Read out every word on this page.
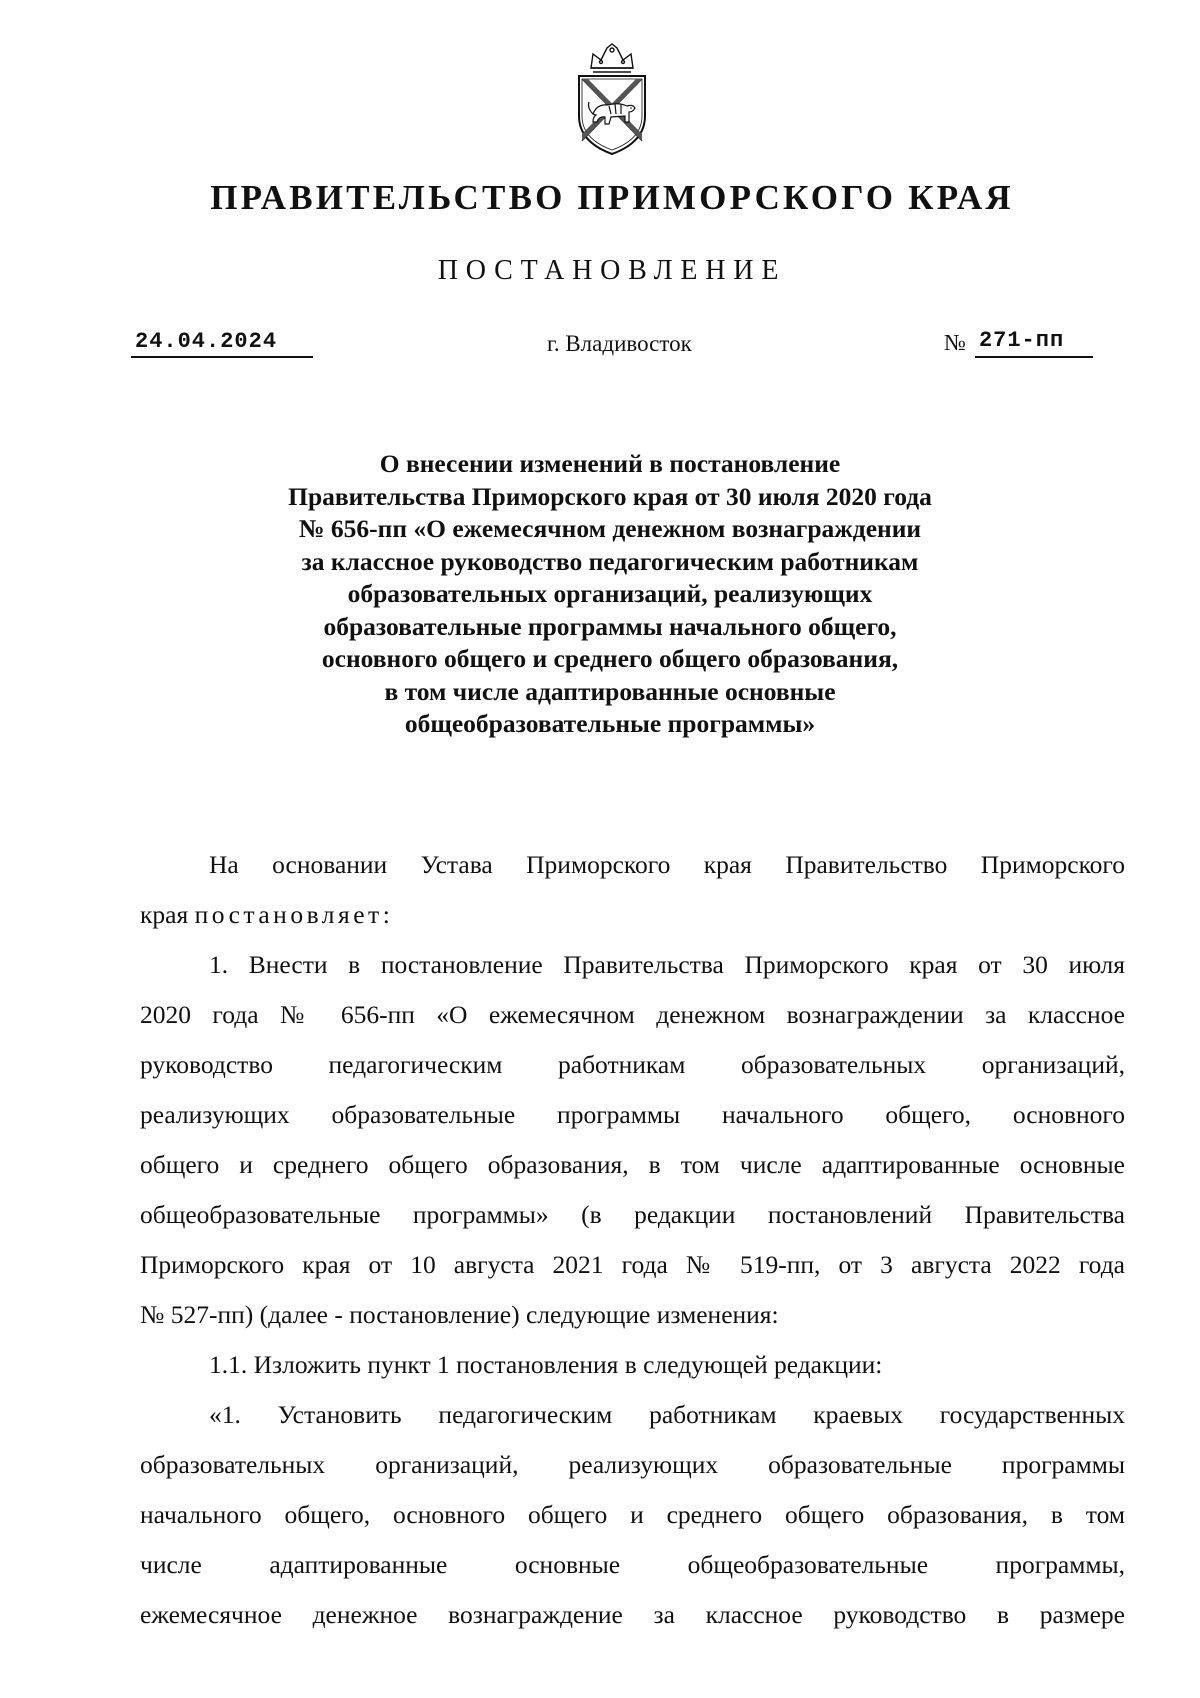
ПРАВИТЕЛЬСТВО ПРИМОРСКОГО КРАЯ
ПОСТАНОВЛЕНИЕ
24.04.2024	г. Владивосток	№ 271-пп
О внесении изменений в постановление
Правительства Приморского края от 30 июля 2020 года
№ 656-пп «О ежемесячном денежном вознаграждении
за классное руководство педагогическим работникам
образовательных организаций, реализующих
образовательные программы начального общего,
основного общего и среднего общего образования,
в том числе адаптированные основные
общеобразовательные программы»
На основании Устава Приморского края Правительство Приморского
края постановляет:
1. Внести в постановление Правительства Приморского края от 30 июля
2020 года № 656-пп «О ежемесячном денежном вознаграждении за классное
руководство педагогическим работникам образовательных организаций,
реализующих образовательные программы начального общего, основного
общего и среднего общего образования, в том числе адаптированные основные
общеобразовательные программы» (в редакции постановлений Правительства
Приморского края от 10 августа 2021 года № 519-пп, от 3 августа 2022 года
№ 527-пп) (далее - постановление) следующие изменения:
1.1. Изложить пункт 1 постановления в следующей редакции:
«1. Установить педагогическим работникам краевых государственных
образовательных организаций, реализующих образовательные программы
начального общего, основного общего и среднего общего образования, в том
числе адаптированные основные общеобразовательные программы,
ежемесячное денежное вознаграждение за классное руководство в размере
